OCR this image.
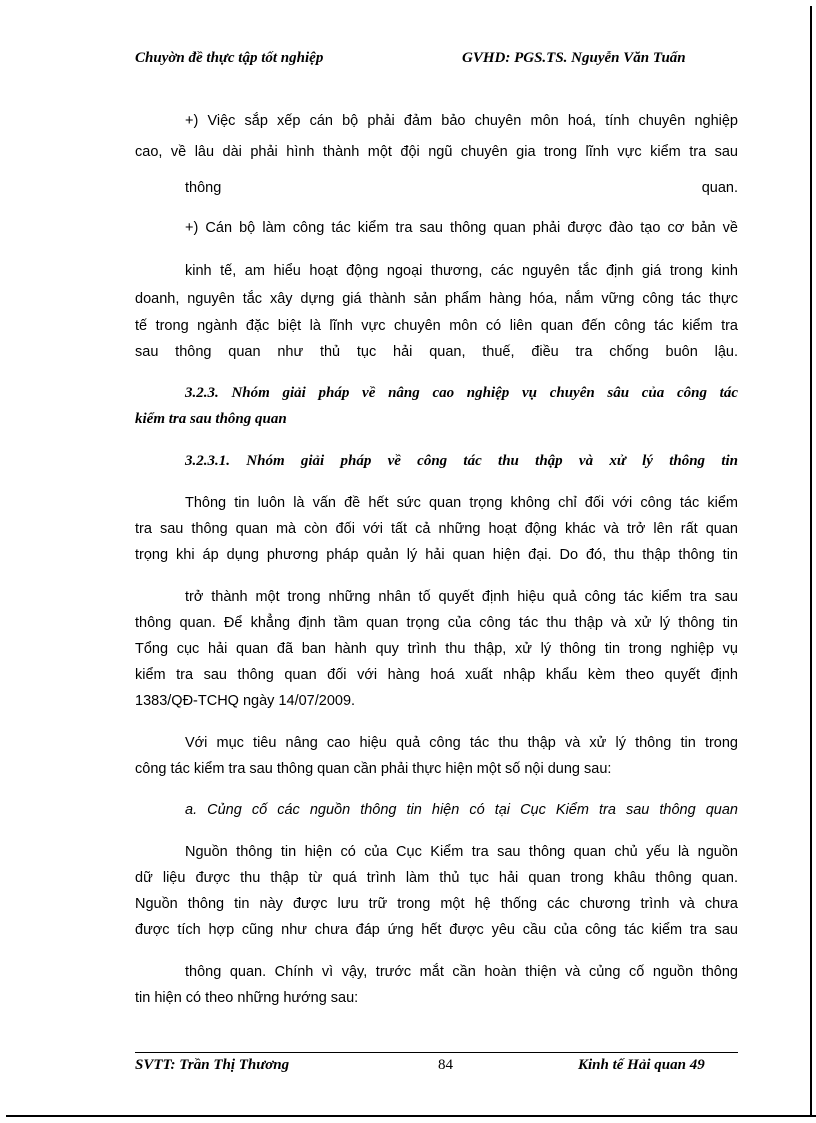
Chuyờn đề thực tập tốt nghiệp	GVHD: PGS.TS. Nguyễn Văn Tuấn
+) Việc sắp xếp cán bộ phải đảm bảo chuyên môn hoá, tính chuyên nghiệp
cao, về lâu dài phải hình thành một đội ngũ chuyên gia trong lĩnh vực kiểm tra sau
thông	quan.
+) Cán bộ làm công tác kiểm tra sau thông quan phải được đào tạo cơ bản về
kinh tế, am hiểu hoạt động ngoại thương, các nguyên tắc định giá trong kinh
doanh, nguyên tắc xây dựng giá thành sản phẩm hàng hóa, nắm vững công tác thực
tế trong ngành đặc biệt là lĩnh vực chuyên môn có liên quan đến công tác kiểm tra
sau thông quan như thủ tục hải quan, thuế, điều tra chống buôn lậu.
3.2.3. Nhóm giải pháp về nâng cao nghiệp vụ chuyên sâu của công tác
kiểm tra sau thông quan
3.2.3.1. Nhóm giải pháp về công tác thu thập và xử lý thông tin
Thông tin luôn là vấn đề hết sức quan trọng không chỉ đối với công tác kiểm
tra sau thông quan mà còn đối với tất cả những hoạt động khác và trở lên rất quan
trọng khi áp dụng phương pháp quản lý hải quan hiện đại. Do đó, thu thập thông tin
trở thành một trong những nhân tố quyết định hiệu quả công tác kiểm tra sau
thông quan. Để khẳng định tầm quan trọng của công tác thu thập và xử lý thông tin
Tổng cục hải quan đã ban hành quy trình thu thập, xử lý thông tin trong nghiệp vụ
kiểm tra sau thông quan đối với hàng hoá xuất nhập khẩu kèm theo quyết định
1383/QĐ-TCHQ ngày 14/07/2009.
Với mục tiêu nâng cao hiệu quả công tác thu thập và xử lý thông tin trong
công tác kiểm tra sau thông quan cần phải thực hiện một số nội dung sau:
a. Củng cố các nguồn thông tin hiện có tại Cục Kiểm tra sau thông quan
Nguồn thông tin hiện có của Cục Kiểm tra sau thông quan chủ yếu là nguồn
dữ liệu được thu thập từ quá trình làm thủ tục hải quan trong khâu thông quan.
Nguồn thông tin này được lưu trữ trong một hệ thống các chương trình và chưa
được tích hợp cũng như chưa đáp ứng hết được yêu cầu của công tác kiểm tra sau
thông quan. Chính vì vậy, trước mắt cần hoàn thiện và củng cố nguồn thông
tin hiện có theo những hướng sau:
SVTT: Trần Thị Thương	84	Kinh tế Hải quan 49
